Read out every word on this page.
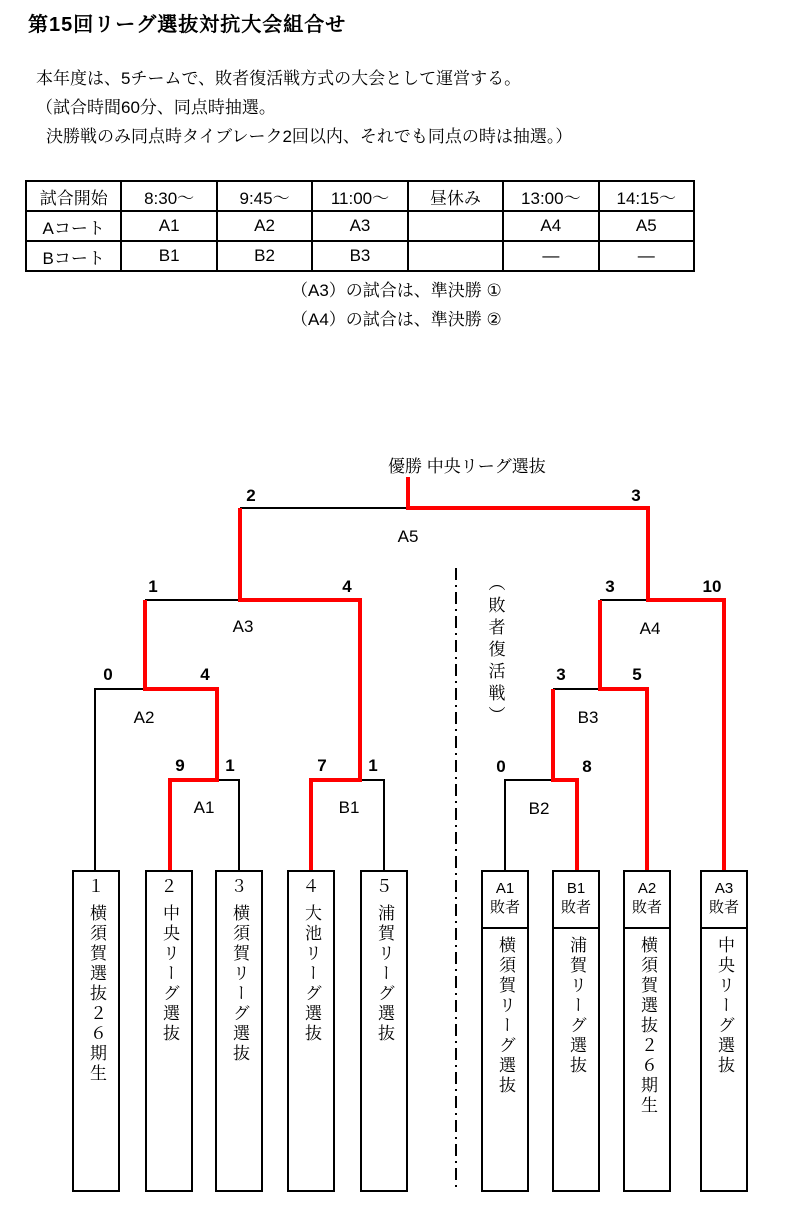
第15回リーグ選抜対抗大会組合せ
本年度は、5チームで、敗者復活戦方式の大会として運営する。
（試合時間60分、同点時抽選。
決勝戦のみ同点時タイブレーク2回以内、それでも同点の時は抽選。）
試合開始	8:30～	9:45～	11:00～	昼休み	13:00～	14:15～
Aコート	A1	A2	A3		A4	A5
Bコート	B1	B2	B3		―	―
（A3）の試合は、準決勝 ①
（A4）の試合は、準決勝 ②
優勝 中央リーグ選抜
（敗者復活戦）
2	3
A5
1	4
A3
3	10
A4
0	4
A2
3	5
B3
9 1
A1
7 1
B1
0	8
B2
１
横須賀選抜２６期生
２
中央リーグ選抜
３
横須賀リーグ選抜
４
大池リーグ選抜
５
浦賀リーグ選抜
A1
敗者
横須賀リーグ選抜
B1
敗者
浦賀リーグ選抜
A2
敗者
横須賀選抜２６期生
A3
敗者
中央リーグ選抜
